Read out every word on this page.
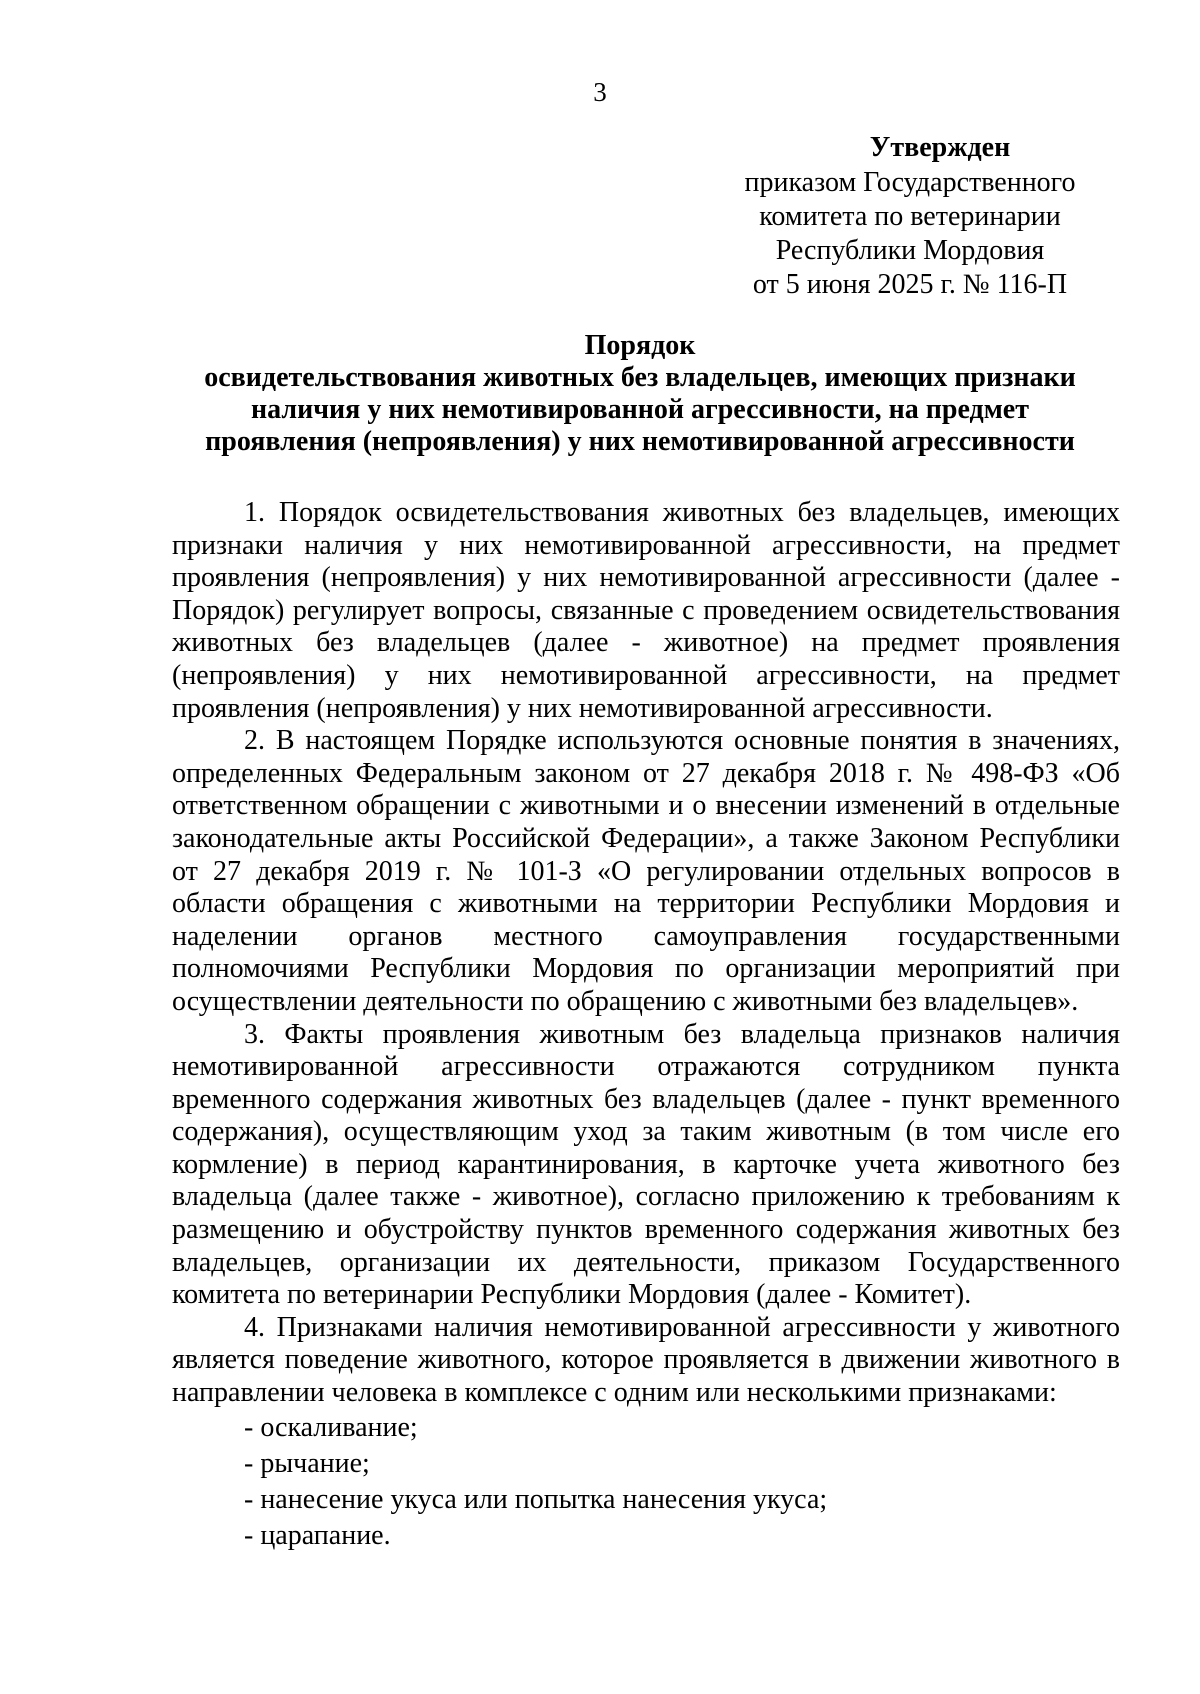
3
Утвержден
приказом Государственного
комитета по ветеринарии
Республики Мордовия
от 5 июня 2025 г. № 116-П
Порядок
освидетельствования животных без владельцев, имеющих признаки
наличия у них немотивированной агрессивности, на предмет
проявления (непроявления) у них немотивированной агрессивности

1. Порядок освидетельствования животных без владельцев, имеющих признаки наличия у них немотивированной агрессивности, на предмет проявления (непроявления) у них немотивированной агрессивности (далее - Порядок) регулирует вопросы, связанные с проведением освидетельствования животных без владельцев (далее - животное) на предмет проявления (непроявления) у них немотивированной агрессивности, на предмет проявления (непроявления) у них немотивированной агрессивности.

2. В настоящем Порядке используются основные понятия в значениях, определенных Федеральным законом от 27 декабря 2018 г. № 498-ФЗ «Об ответственном обращении с животными и о внесении изменений в отдельные законодательные акты Российской Федерации», а также Законом Республики от 27 декабря 2019 г. № 101-З «О регулировании отдельных вопросов в области обращения с животными на территории Республики Мордовия и наделении органов местного самоуправления государственными полномочиями Республики Мордовия по организации мероприятий при осуществлении деятельности по обращению с животными без владельцев».

3. Факты проявления животным без владельца признаков наличия немотивированной агрессивности отражаются сотрудником пункта временного содержания животных без владельцев (далее - пункт временного содержания), осуществляющим уход за таким животным (в том числе его кормление) в период карантинирования, в карточке учета животного без владельца (далее также - животное), согласно приложению к требованиям к размещению и обустройству пунктов временного содержания животных без владельцев, организации их деятельности, приказом Государственного комитета по ветеринарии Республики Мордовия (далее - Комитет).

4. Признаками наличия немотивированной агрессивности у животного является поведение животного, которое проявляется в движении животного в направлении человека в комплексе с одним или несколькими признаками:

- оскаливание;
- рычание;
- нанесение укуса или попытка нанесения укуса;
- царапание.
